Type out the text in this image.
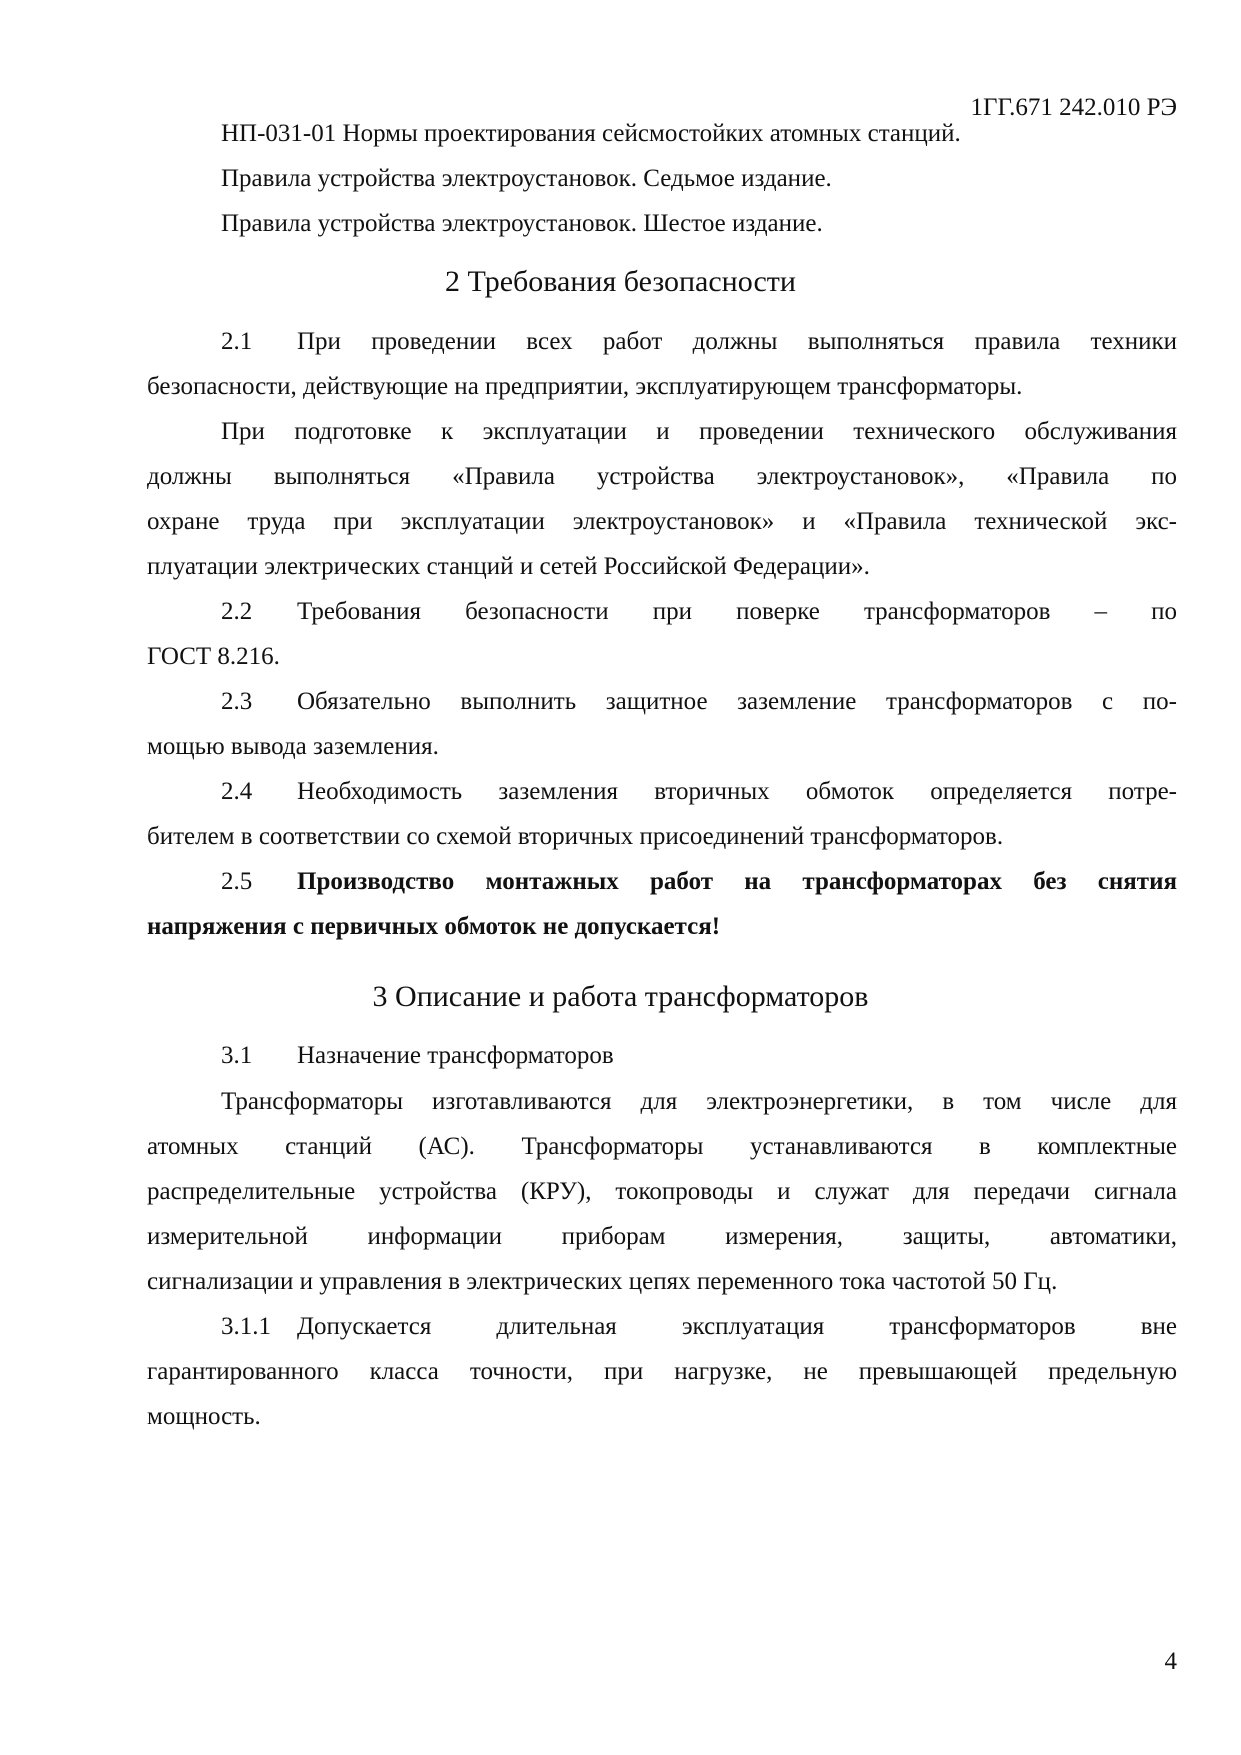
1ГГ.671 242.010 РЭ
НП-031-01 Нормы проектирования сейсмостойких атомных станций.
Правила устройства электроустановок. Седьмое издание.
Правила устройства электроустановок. Шестое издание.
2 Требования безопасности
2.1 При проведении всех работ должны выполняться правила техники
безопасности, действующие на предприятии, эксплуатирующем трансформаторы.
При подготовке к эксплуатации и проведении технического обслуживания
должны выполняться «Правила устройства электроустановок», «Правила по
охране труда при эксплуатации электроустановок» и «Правила технической экс-
плуатации электрических станций и сетей Российской Федерации».
2.2 Требования безопасности при поверке трансформаторов – по
ГОСТ 8.216.
2.3 Обязательно выполнить защитное заземление трансформаторов с по-
мощью вывода заземления.
2.4 Необходимость заземления вторичных обмоток определяется потре-
бителем в соответствии со схемой вторичных присоединений трансформаторов.
2.5 Производство монтажных работ на трансформаторах без снятия
напряжения с первичных обмоток не допускается!
3 Описание и работа трансформаторов
3.1 Назначение трансформаторов
Трансформаторы изготавливаются для электроэнергетики, в том числе для
атомных станций (АС). Трансформаторы устанавливаются в комплектные
распределительные устройства (КРУ), токопроводы и служат для передачи сигнала
измерительной информации приборам измерения, защиты, автоматики,
сигнализации и управления в электрических цепях переменного тока частотой 50 Гц.
3.1.1 Допускается длительная эксплуатация трансформаторов вне
гарантированного класса точности, при нагрузке, не превышающей предельную
мощность.
4
